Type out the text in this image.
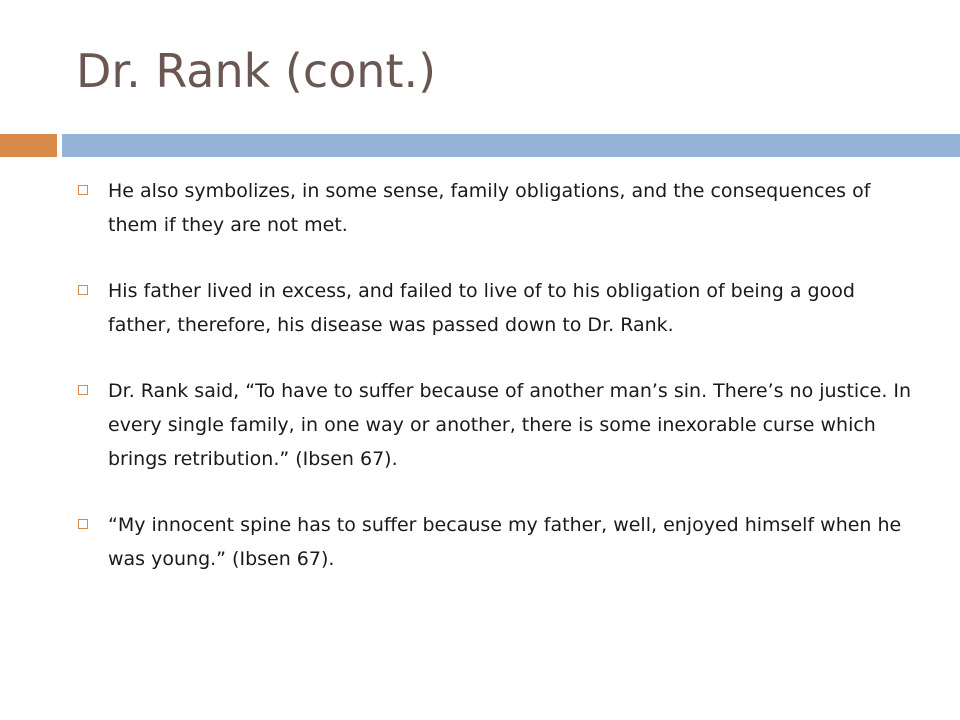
Dr. Rank (cont.)
He also symbolizes, in some sense, family obligations, and the consequences of them if they are not met.
His father lived in excess, and failed to live of to his obligation of being a good father, therefore, his disease was passed down to Dr. Rank.
Dr. Rank said, “To have to suffer because of another man’s sin. There’s no justice. In every single family, in one way or another, there is some inexorable curse which brings retribution.” (Ibsen 67).
“My innocent spine has to suffer because my father, well, enjoyed himself when he was young.” (Ibsen 67).
